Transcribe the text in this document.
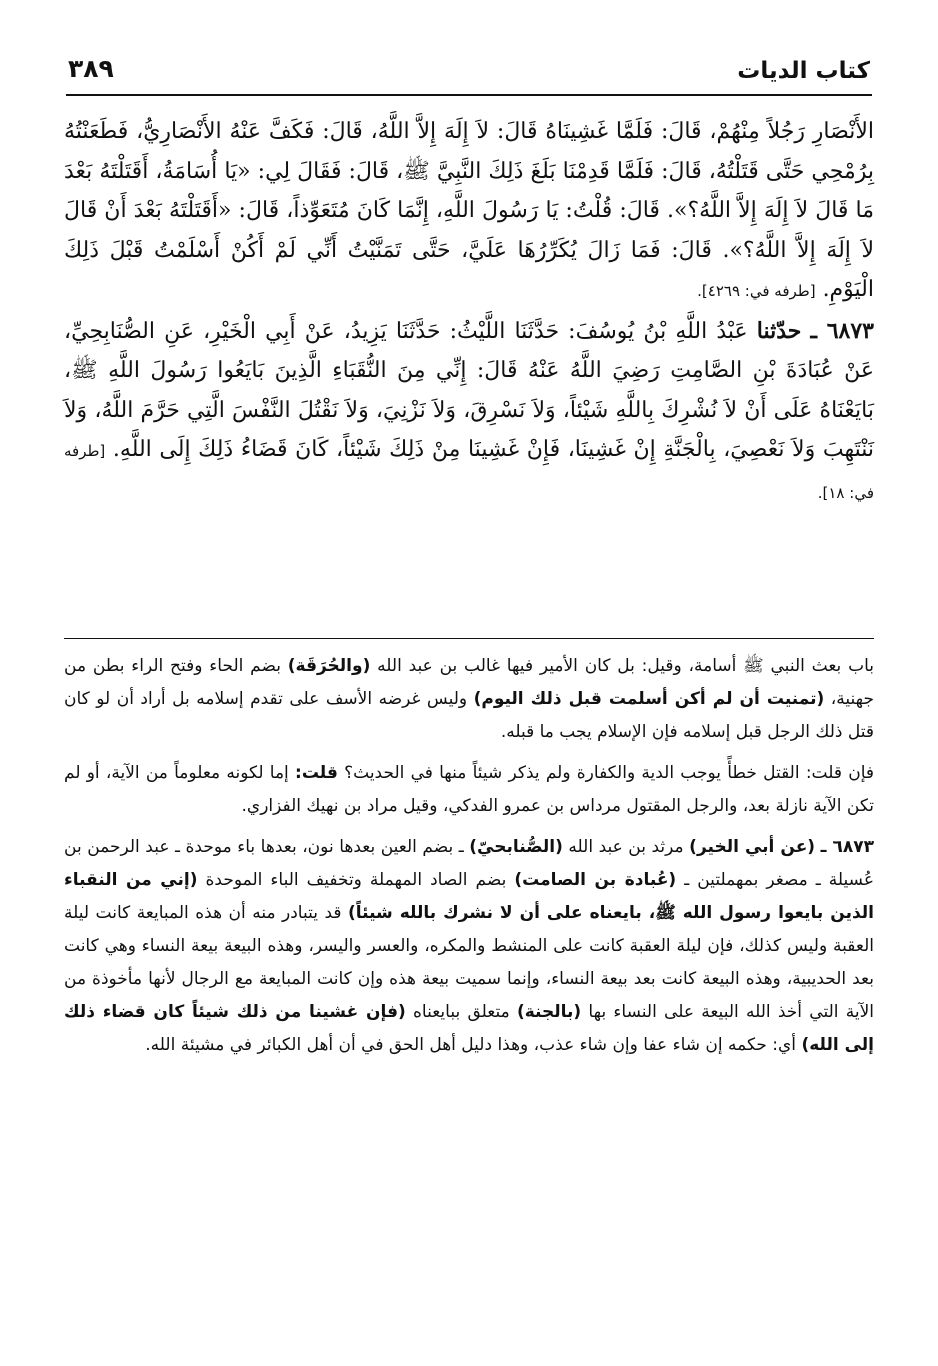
كتاب الديات
٣٨٩

الأَنْصَارِ رَجُلاً مِنْهُمْ، قَالَ: فَلَمَّا غَشِينَاهُ قَالَ: لاَ إِلَهَ إِلاَّ اللَّهُ، قَالَ: فَكَفَّ عَنْهُ الأَنْصَارِيُّ، فَطَعَنْتُهُ بِرُمْحِي حَتَّى قَتَلْتُهُ، قَالَ: فَلَمَّا قَدِمْنَا بَلَغَ ذَلِكَ النَّبِيَّ ﷺ، قَالَ: فَقَالَ لِي: «يَا أُسَامَةُ، أَقَتَلْتَهُ بَعْدَ مَا قَالَ لاَ إِلَهَ إِلاَّ اللَّهُ؟». قَالَ: قُلْتُ: يَا رَسُولَ اللَّهِ، إِنَّمَا كَانَ مُتَعَوِّذاً، قَالَ: «أَقَتَلْتَهُ بَعْدَ أَنْ قَالَ لاَ إِلَهَ إِلاَّ اللَّهُ؟». قَالَ: فَمَا زَالَ يُكَرِّرُهَا عَلَيَّ، حَتَّى تَمَنَّيْتُ أَنِّي لَمْ أَكُنْ أَسْلَمْتُ قَبْلَ ذَلِكَ الْيَوْمِ. [طرفه في: ٤٢٦٩].

٦٨٧٣ ـ حدّثنا عَبْدُ اللَّهِ بْنُ يُوسُفَ: حَدَّثَنَا اللَّيْثُ: حَدَّثَنَا يَزِيدُ، عَنْ أَبِي الْخَيْرِ، عَنِ الصُّنَابِحِيِّ، عَنْ عُبَادَةَ بْنِ الصَّامِتِ رَضِيَ اللَّهُ عَنْهُ قَالَ: إِنِّي مِنَ النُّقَبَاءِ الَّذِينَ بَايَعُوا رَسُولَ اللَّهِ ﷺ، بَايَعْنَاهُ عَلَى أَنْ لاَ نُشْرِكَ بِاللَّهِ شَيْئاً، وَلاَ نَسْرِقَ، وَلاَ نَزْنِيَ، وَلاَ نَقْتُلَ النَّفْسَ الَّتِي حَرَّمَ اللَّهُ، وَلاَ نَنْتَهِبَ وَلاَ نَعْصِيَ، بِالْجَنَّةِ إِنْ غَشِينَا، فَإِنْ غَشِينَا مِنْ ذَلِكَ شَيْئاً، كَانَ قَضَاءُ ذَلِكَ إِلَى اللَّهِ. [طرفه في: ١٨].

باب بعث النبي ﷺ أسامة، وقيل: بل كان الأمير فيها غالب بن عبد الله (والحُرَقَة) بضم الحاء وفتح الراء بطن من جهنية، (تمنيت أن لم أكن أسلمت قبل ذلك اليوم) وليس غرضه الأسف على تقدم إسلامه بل أراد أن لو كان قتل ذلك الرجل قبل إسلامه فإن الإسلام يجب ما قبله.

فإن قلت: القتل خطأً يوجب الدية والكفارة ولم يذكر شيئاً منها في الحديث؟ قلت: إما لكونه معلوماً من الآية، أو لم تكن الآية نازلة بعد، والرجل المقتول مرداس بن عمرو الفدكي، وقيل مراد بن نهيك الفزاري.

٦٨٧٣ ـ (عن أبي الخير) مرثد بن عبد الله (الصُّنابحيّ) ـ بضم العين بعدها نون، بعدها باء موحدة ـ عبد الرحمن بن عُسيلة ـ مصغر بمهملتين ـ (عُبادة بن الصامت) بضم الصاد المهملة وتخفيف الباء الموحدة (إني من النقباء الذين بايعوا رسول الله ﷺ، بايعناه على أن لا نشرك بالله شيئاً) قد يتبادر منه أن هذه المبايعة كانت ليلة العقبة وليس كذلك، فإن ليلة العقبة كانت على المنشط والمكره، والعسر واليسر، وهذه البيعة بيعة النساء وهي كانت بعد الحديبية، وهذه البيعة كانت بعد بيعة النساء، وإنما سميت بيعة هذه وإن كانت المبايعة مع الرجال لأنها مأخوذة من الآية التي أخذ الله البيعة على النساء بها (بالجنة) متعلق ببايعناه (فإن غشينا من ذلك شيئاً كان قضاء ذلك إلى الله) أي: حكمه إن شاء عفا وإن شاء عذب، وهذا دليل أهل الحق في أن أهل الكبائر في مشيئة الله.
